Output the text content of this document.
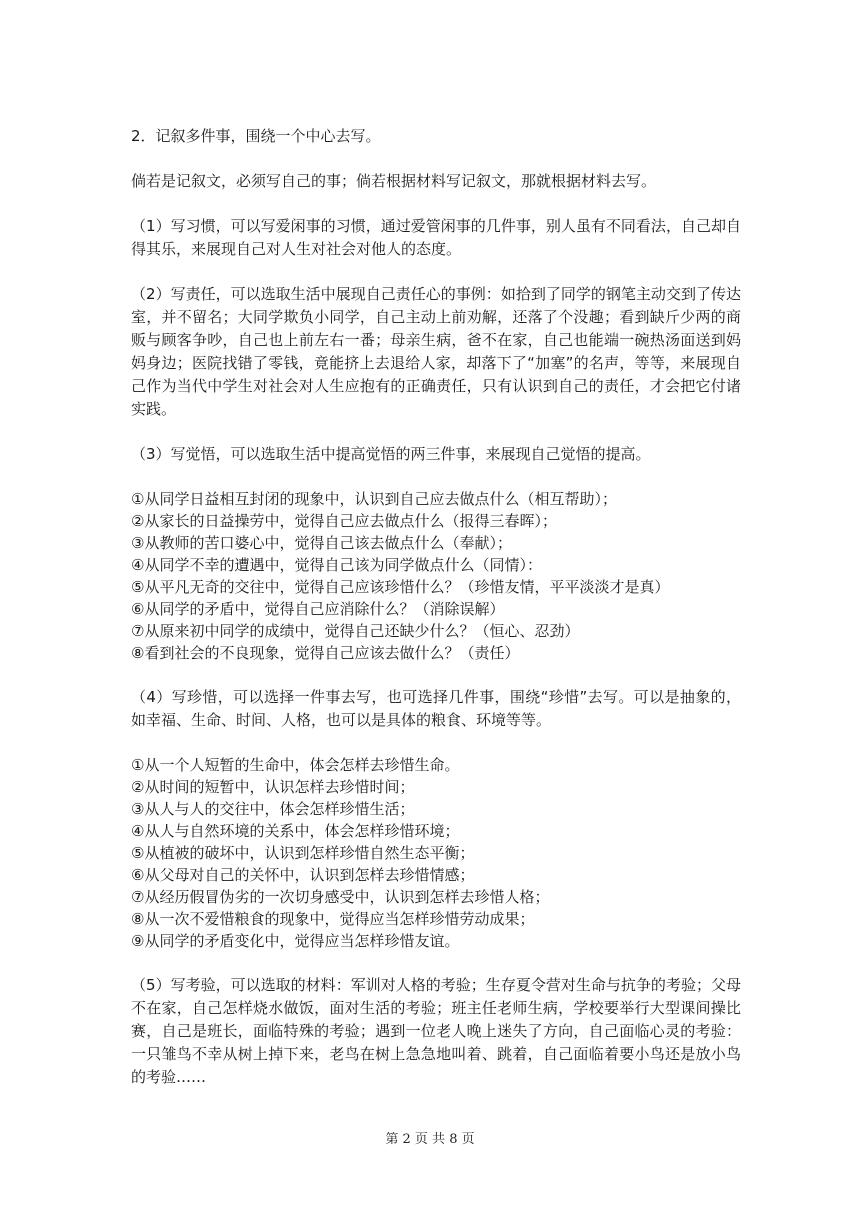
2．记叙多件事，围绕一个中心去写。

倘若是记叙文，必须写自己的事；倘若根据材料写记叙文，那就根据材料去写。

（1）写习惯，可以写爱闲事的习惯，通过爱管闲事的几件事，别人虽有不同看法，自己却自得其乐，来展现自己对人生对社会对他人的态度。

（2）写责任，可以选取生活中展现自己责任心的事例：如拾到了同学的钢笔主动交到了传达室，并不留名；大同学欺负小同学，自己主动上前劝解，还落了个没趣；看到缺斤少两的商贩与顾客争吵，自己也上前左右一番；母亲生病，爸不在家，自己也能端一碗热汤面送到妈妈身边；医院找错了零钱，竟能挤上去退给人家，却落下了“加塞”的名声，等等，来展现自己作为当代中学生对社会对人生应抱有的正确责任，只有认识到自己的责任，才会把它付诸实践。

（3）写觉悟，可以选取生活中提高觉悟的两三件事，来展现自己觉悟的提高。

①从同学日益相互封闭的现象中，认识到自己应去做点什么（相互帮助）；

②从家长的日益操劳中，觉得自己应去做点什么（报得三春晖）；

③从教师的苦口婆心中，觉得自己该去做点什么（奉献）；

④从同学不幸的遭遇中，觉得自己该为同学做点什么（同情）：

⑤从平凡无奇的交往中，觉得自己应该珍惜什么？（珍惜友情，平平淡淡才是真）

⑥从同学的矛盾中，觉得自己应消除什么？（消除误解）

⑦从原来初中同学的成绩中，觉得自己还缺少什么？（恒心、忍劲）

⑧看到社会的不良现象，觉得自己应该去做什么？（责任）

（4）写珍惜，可以选择一件事去写，也可选择几件事，围绕“珍惜”去写。可以是抽象的，如幸福、生命、时间、人格，也可以是具体的粮食、环境等等。

①从一个人短暂的生命中，体会怎样去珍惜生命。

②从时间的短暂中，认识怎样去珍惜时间；

③从人与人的交往中，体会怎样珍惜生活；

④从人与自然环境的关系中，体会怎样珍惜环境；

⑤从植被的破坏中，认识到怎样珍惜自然生态平衡；

⑥从父母对自己的关怀中，认识到怎样去珍惜情感；

⑦从经历假冒伪劣的一次切身感受中，认识到怎样去珍惜人格；

⑧从一次不爱惜粮食的现象中，觉得应当怎样珍惜劳动成果；

⑨从同学的矛盾变化中，觉得应当怎样珍惜友谊。

（5）写考验，可以选取的材料：军训对人格的考验；生存夏令营对生命与抗争的考验；父母不在家，自己怎样烧水做饭，面对生活的考验；班主任老师生病，学校要举行大型课间操比赛，自己是班长，面临特殊的考验；遇到一位老人晚上迷失了方向，自己面临心灵的考验：一只雏鸟不幸从树上掉下来，老鸟在树上急急地叫着、跳着，自己面临着要小鸟还是放小鸟的考验……

第 2 页 共 8 页
